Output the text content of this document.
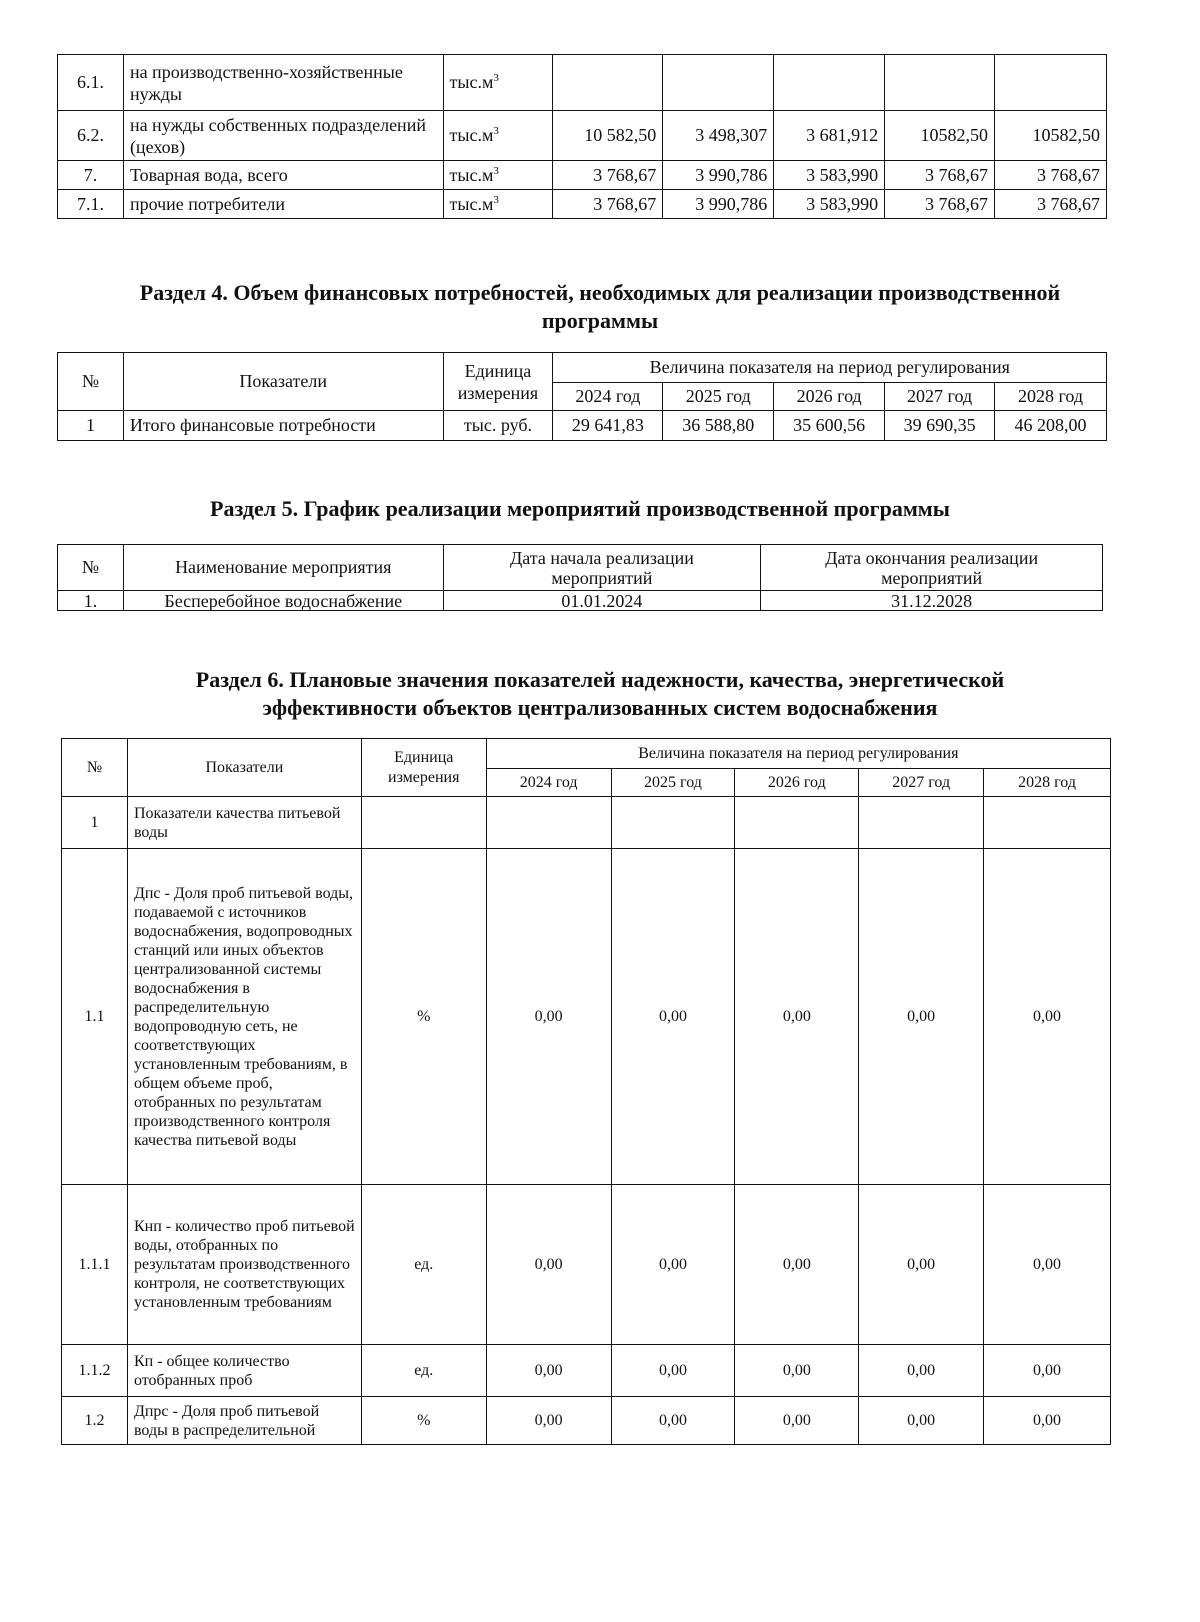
6.1.	на производственно-хозяйственные нужды	$тыс.м^3$					
6.2.	на нужды собственных подразделений (цехов)	$тыс.м^3$	10 582,50	3 498,307	3 681,912	10582,50	10582,50
7.	Товарная вода, всего	$тыс.м^3$	3 768,67	3 990,786	3 583,990	3 768,67	3 768,67
7.1.	прочие потребители	$тыс.м^3$	3 768,67	3 990,786	3 583,990	3 768,67	3 768,67
Раздел 4. Объем финансовых потребностей, необходимых для реализации производственной программы
№	Показатели	Единица измерения	Величина показателя на период регулирования				
			2024 год	2025 год	2026 год	2027 год	2028 год
1	Итого финансовые потребности	тыс. руб.	29 641,83	36 588,80	35 600,56	39 690,35	46 208,00
Раздел 5. График реализации мероприятий производственной программы
№	Наименование мероприятия	Дата начала реализации мероприятий	Дата окончания реализации мероприятий
1.	Бесперебойное водоснабжение	01.01.2024	31.12.2028
Раздел 6. Плановые значения показателей надежности, качества, энергетической эффективности объектов централизованных систем водоснабжения
№	Показатели	Единица измерения	Величина показателя на период регулирования				
			2024 год	2025 год	2026 год	2027 год	2028 год
1	Показатели качества питьевой воды						
1.1	Дпс - Доля проб питьевой воды, подаваемой с источников водоснабжения, водопроводных станций или иных объектов централизованной системы водоснабжения в распределительную водопроводную сеть, не соответствующих установленным требованиям, в общем объеме проб, отобранных по результатам производственного контроля качества питьевой воды	%	0,00	0,00	0,00	0,00	0,00
1.1.1	Кнп - количество проб питьевой воды, отобранных по результатам производственного контроля, не соответствующих установленным требованиям	ед.	0,00	0,00	0,00	0,00	0,00
1.1.2	Кп - общее количество отобранных проб	ед.	0,00	0,00	0,00	0,00	0,00
1.2	Дпрс - Доля проб питьевой воды в распределительной	%	0,00	0,00	0,00	0,00	0,00
